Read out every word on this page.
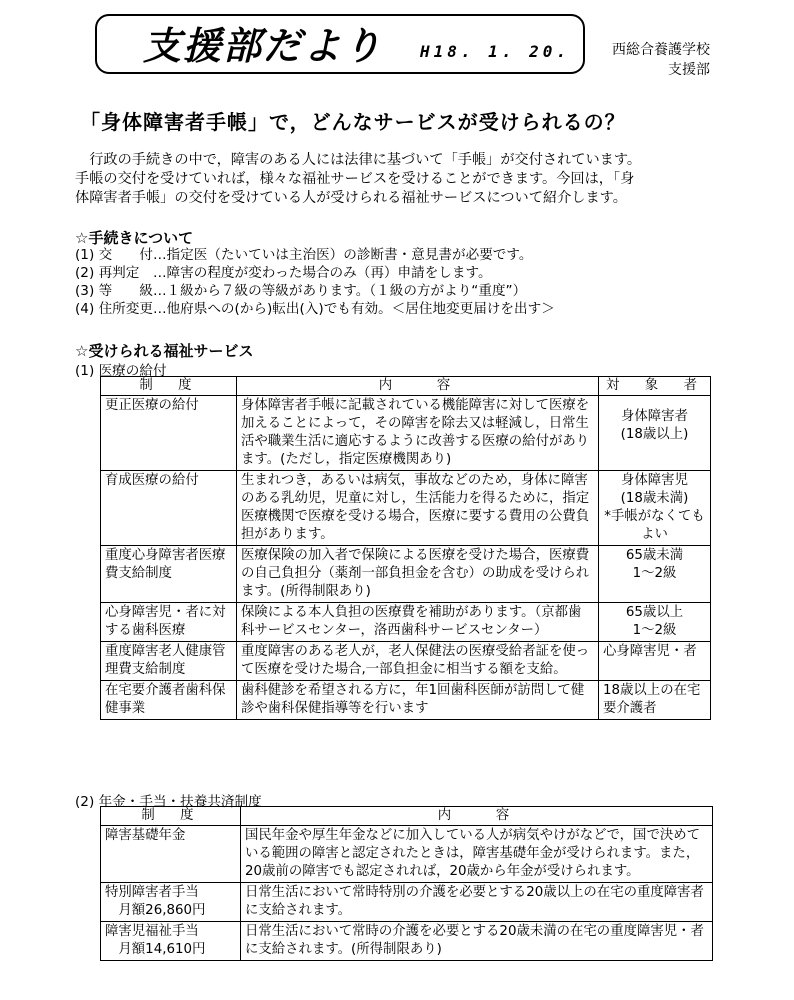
支援部だより H18. 1. 20.	西総合養護学校
支援部
「身体障害者手帳」で，どんなサービスが受けられるの？

　行政の手続きの中で，障害のある人には法律に基づいて「手帳」が交付されています。

手帳の交付を受けていれば，様々な福祉サービスを受けることができます。今回は，「身

体障害者手帳」の交付を受けている人が受けられる福祉サービスについて紹介します。

☆手続きについて
(1) 交　　付…指定医（たいていは主治医）の診断書・意見書が必要です。
(2) 再判定　…障害の程度が変わった場合のみ（再）申請をします。
(3) 等　　級…１級から７級の等級があります。（１級の方がより“重度”）
(4) 住所変更…他府県への(から)転出(入)でも有効。＜居住地変更届けを出す＞
☆受けられる福祉サービス
(1) 医療の給付
制　度	内　　容	対　象　者
更正医療の給付	身体障害者手帳に記載されている機能障害に対して医療を加えることによって，その障害を除去又は軽減し，日常生活や職業生活に適応するように改善する医療の給付があります。(ただし，指定医療機関あり)	身体障害者
(18歳以上)
育成医療の給付	生まれつき，あるいは病気，事故などのため，身体に障害のある乳幼児，児童に対し，生活能力を得るために，指定医療機関で医療を受ける場合，医療に要する費用の公費負担があります。	身体障害児
(18歳未満)
*手帳がなくてもよい
重度心身障害者医療費支給制度	医療保険の加入者で保険による医療を受けた場合，医療費の自己負担分（薬剤一部負担金を含む）の助成を受けられます。(所得制限あり)	65歳未満
1〜2級
心身障害児・者に対する歯科医療	保険による本人負担の医療費を補助があります。（京都歯科サービスセンター，洛西歯科サービスセンター）	65歳以上
1〜2級
重度障害老人健康管理費支給制度	重度障害のある老人が，老人保健法の医療受給者証を使って医療を受けた場合,一部負担金に相当する額を支給。	心身障害児・者
在宅要介護者歯科保健事業	歯科健診を希望される方に，年1回歯科医師が訪問して健診や歯科保健指導等を行います	18歳以上の在宅要介護者
(2) 年金・手当・扶養共済制度
制　度	内　　容
障害基礎年金	国民年金や厚生年金などに加入している人が病気やけがなどで，国で決めている範囲の障害と認定されたときは，障害基礎年金が受けられます。また，20歳前の障害でも認定されれば，20歳から年金が受けられます。
特別障害者手当
　月額26,860円	日常生活において常時特別の介護を必要とする20歳以上の在宅の重度障害者に支給されます。
障害児福祉手当
　月額14,610円	日常生活において常時の介護を必要とする20歳未満の在宅の重度障害児・者に支給されます。(所得制限あり)
